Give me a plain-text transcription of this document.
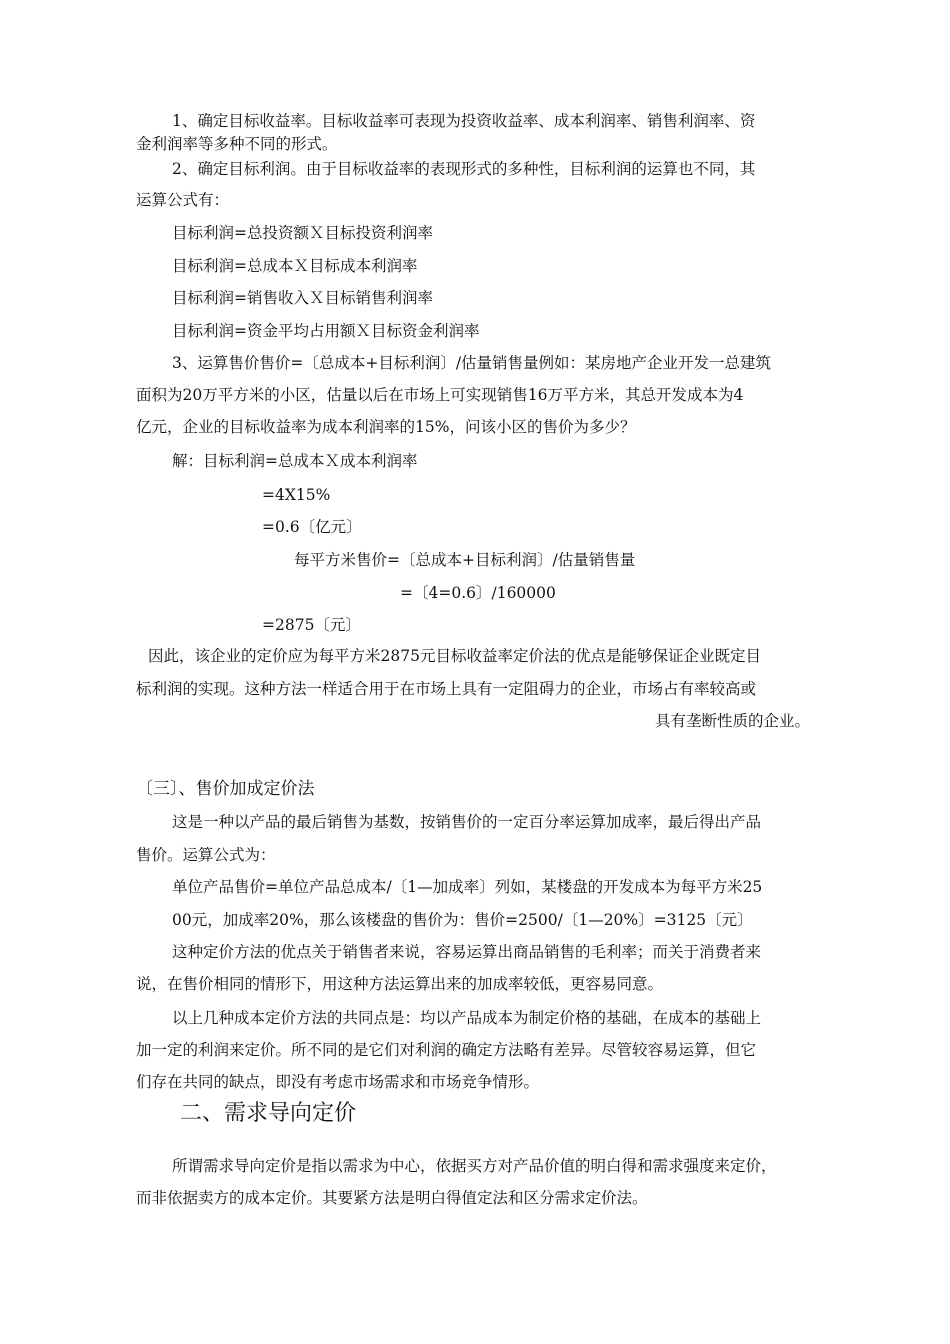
1、确定目标收益率。目标收益率可表现为投资收益率、成本利润率、销售利润率、资
金利润率等多种不同的形式。
2、确定目标利润。由于目标收益率的表现形式的多种性，目标利润的运算也不同，其
运算公式有：
目标利润=总投资额Ｘ目标投资利润率
目标利润=总成本Ｘ目标成本利润率
目标利润=销售收入Ｘ目标销售利润率
目标利润=资金平均占用额Ｘ目标资金利润率
3、运算售价售价=〔总成本+目标利润〕/估量销售量例如：某房地产企业开发一总建筑
面积为20万平方米的小区，估量以后在市场上可实现销售16万平方米，其总开发成本为4
亿元，企业的目标收益率为成本利润率的15%，问该小区的售价为多少？
解：目标利润=总成本Ｘ成本利润率
=4X15%
=0.6〔亿元〕
每平方米售价=〔总成本+目标利润〕/估量销售量
=〔4=0.6〕/160000
=2875〔元〕
因此，该企业的定价应为每平方米2875元目标收益率定价法的优点是能够保证企业既定目
标利润的实现。这种方法一样适合用于在市场上具有一定阻碍力的企业，市场占有率较高或
具有垄断性质的企业。
〔三〕、售价加成定价法
这是一种以产品的最后销售为基数，按销售价的一定百分率运算加成率，最后得出产品
售价。运算公式为：
单位产品售价=单位产品总成本/〔1—加成率〕列如，某楼盘的开发成本为每平方米25
00元，加成率20%，那么该楼盘的售价为：售价=2500/〔1—20%〕=3125〔元〕
这种定价方法的优点关于销售者来说，容易运算出商品销售的毛利率；而关于消费者来
说，在售价相同的情形下，用这种方法运算出来的加成率较低，更容易同意。
以上几种成本定价方法的共同点是：均以产品成本为制定价格的基础，在成本的基础上
加一定的利润来定价。所不同的是它们对利润的确定方法略有差异。尽管较容易运算，但它
们存在共同的缺点，即没有考虑市场需求和市场竞争情形。
二、需求导向定价
所谓需求导向定价是指以需求为中心，依据买方对产品价值的明白得和需求强度来定价，
而非依据卖方的成本定价。其要紧方法是明白得值定法和区分需求定价法。
